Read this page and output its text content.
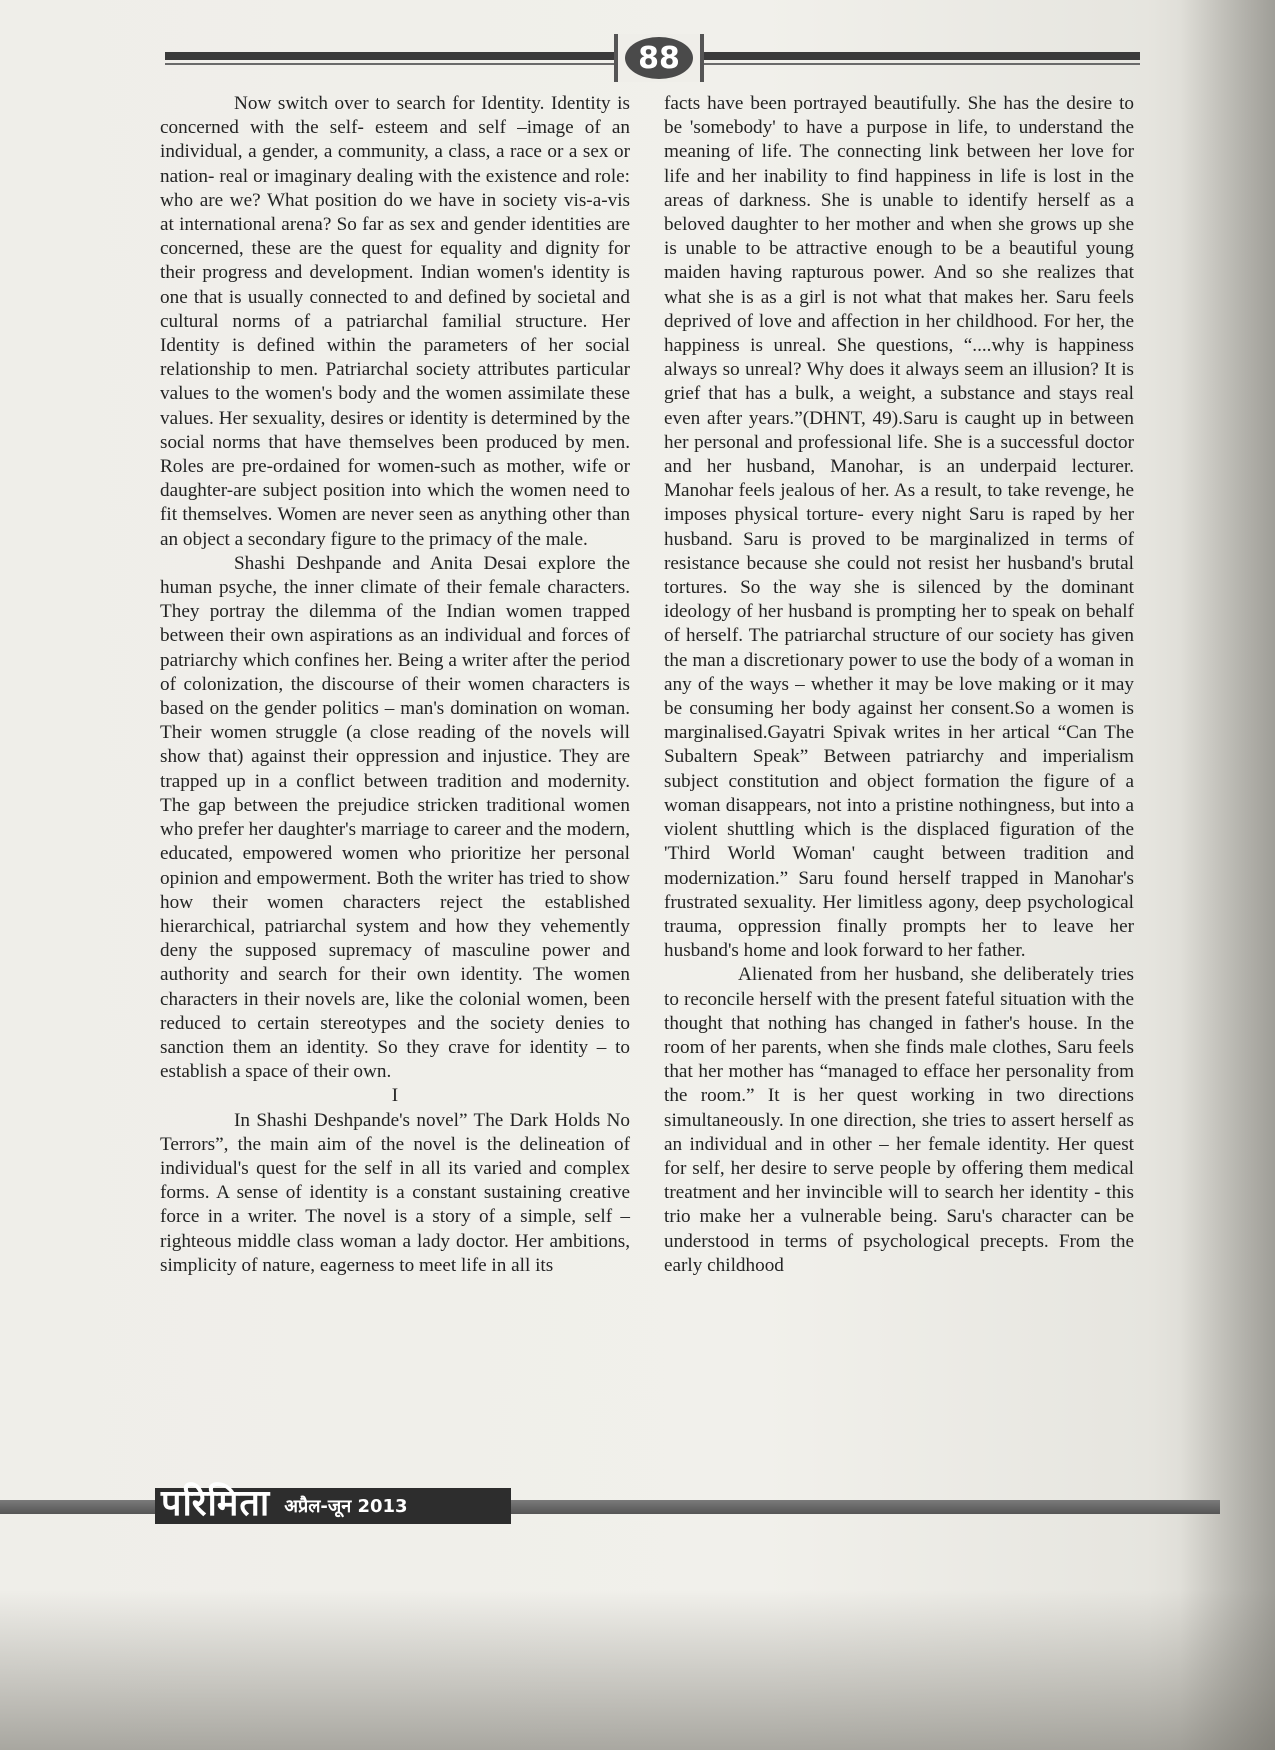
88

Now switch over to search for Identity. Identity is concerned with the self- esteem and self –image of an individual, a gender, a community, a class, a race or a sex or nation- real or imaginary dealing with the existence and role: who are we? What position do we have in society vis-a-vis at international arena? So far as sex and gender identities are concerned, these are the quest for equality and dignity for their progress and development. Indian women's identity is one that is usually connected to and defined by societal and cultural norms of a patriarchal familial structure. Her Identity is defined within the parameters of her social relationship to men. Patriarchal society attributes particular values to the women's body and the women assimilate these values. Her sexuality, desires or identity is determined by the social norms that have themselves been produced by men. Roles are pre-ordained for women-such as mother, wife or daughter-are subject position into which the women need to fit themselves. Women are never seen as anything other than an object a secondary figure to the primacy of the male.

Shashi Deshpande and Anita Desai explore the human psyche, the inner climate of their female characters. They portray the dilemma of the Indian women trapped between their own aspirations as an individual and forces of patriarchy which confines her. Being a writer after the period of colonization, the discourse of their women characters is based on the gender politics – man's domination on woman. Their women struggle (a close reading of the novels will show that) against their oppression and injustice. They are trapped up in a conflict between tradition and modernity. The gap between the prejudice stricken traditional women who prefer her daughter's marriage to career and the modern, educated, empowered women who prioritize her personal opinion and empowerment. Both the writer has tried to show how their women characters reject the established hierarchical, patriarchal system and how they vehemently deny the supposed supremacy of masculine power and authority and search for their own identity. The women characters in their novels are, like the colonial women, been reduced to certain stereotypes and the society denies to sanction them an identity. So they crave for identity – to establish a space of their own.

I

In Shashi Deshpande's novel” The Dark Holds No Terrors”, the main aim of the novel is the delineation of individual's quest for the self in all its varied and complex forms. A sense of identity is a constant sustaining creative force in a writer. The novel is a story of a simple, self – righteous middle class woman a lady doctor. Her ambitions, simplicity of nature, eagerness to meet life in all its

facts have been portrayed beautifully. She has the desire to be 'somebody' to have a purpose in life, to understand the meaning of life. The connecting link between her love for life and her inability to find happiness in life is lost in the areas of darkness. She is unable to identify herself as a beloved daughter to her mother and when she grows up she is unable to be attractive enough to be a beautiful young maiden having rapturous power. And so she realizes that what she is as a girl is not what that makes her. Saru feels deprived of love and affection in her childhood. For her, the happiness is unreal. She questions, “....why is happiness always so unreal? Why does it always seem an illusion? It is grief that has a bulk, a weight, a substance and stays real even after years.”(DHNT, 49).Saru is caught up in between her personal and professional life. She is a successful doctor and her husband, Manohar, is an underpaid lecturer. Manohar feels jealous of her. As a result, to take revenge, he imposes physical torture- every night Saru is raped by her husband. Saru is proved to be marginalized in terms of resistance because she could not resist her husband's brutal tortures. So the way she is silenced by the dominant ideology of her husband is prompting her to speak on behalf of herself. The patriarchal structure of our society has given the man a discretionary power to use the body of a woman in any of the ways – whether it may be love making or it may be consuming her body against her consent.So a women is marginalised.Gayatri Spivak writes in her artical “Can The Subaltern Speak” Between patriarchy and imperialism subject constitution and object formation the figure of a woman disappears, not into a pristine nothingness, but into a violent shuttling which is the displaced figuration of the 'Third World Woman' caught between tradition and modernization.” Saru found herself trapped in Manohar's frustrated sexuality. Her limitless agony, deep psychological trauma, oppression finally prompts her to leave her husband's home and look forward to her father.

Alienated from her husband, she deliberately tries to reconcile herself with the present fateful situation with the thought that nothing has changed in father's house. In the room of her parents, when she finds male clothes, Saru feels that her mother has “managed to efface her personality from the room.” It is her quest working in two directions simultaneously. In one direction, she tries to assert herself as an individual and in other – her female identity. Her quest for self, her desire to serve people by offering them medical treatment and her invincible will to search her identity - this trio make her a vulnerable being. Saru's character can be understood in terms of psychological precepts. From the early childhood

परिमिता अप्रैल-जून 2013
